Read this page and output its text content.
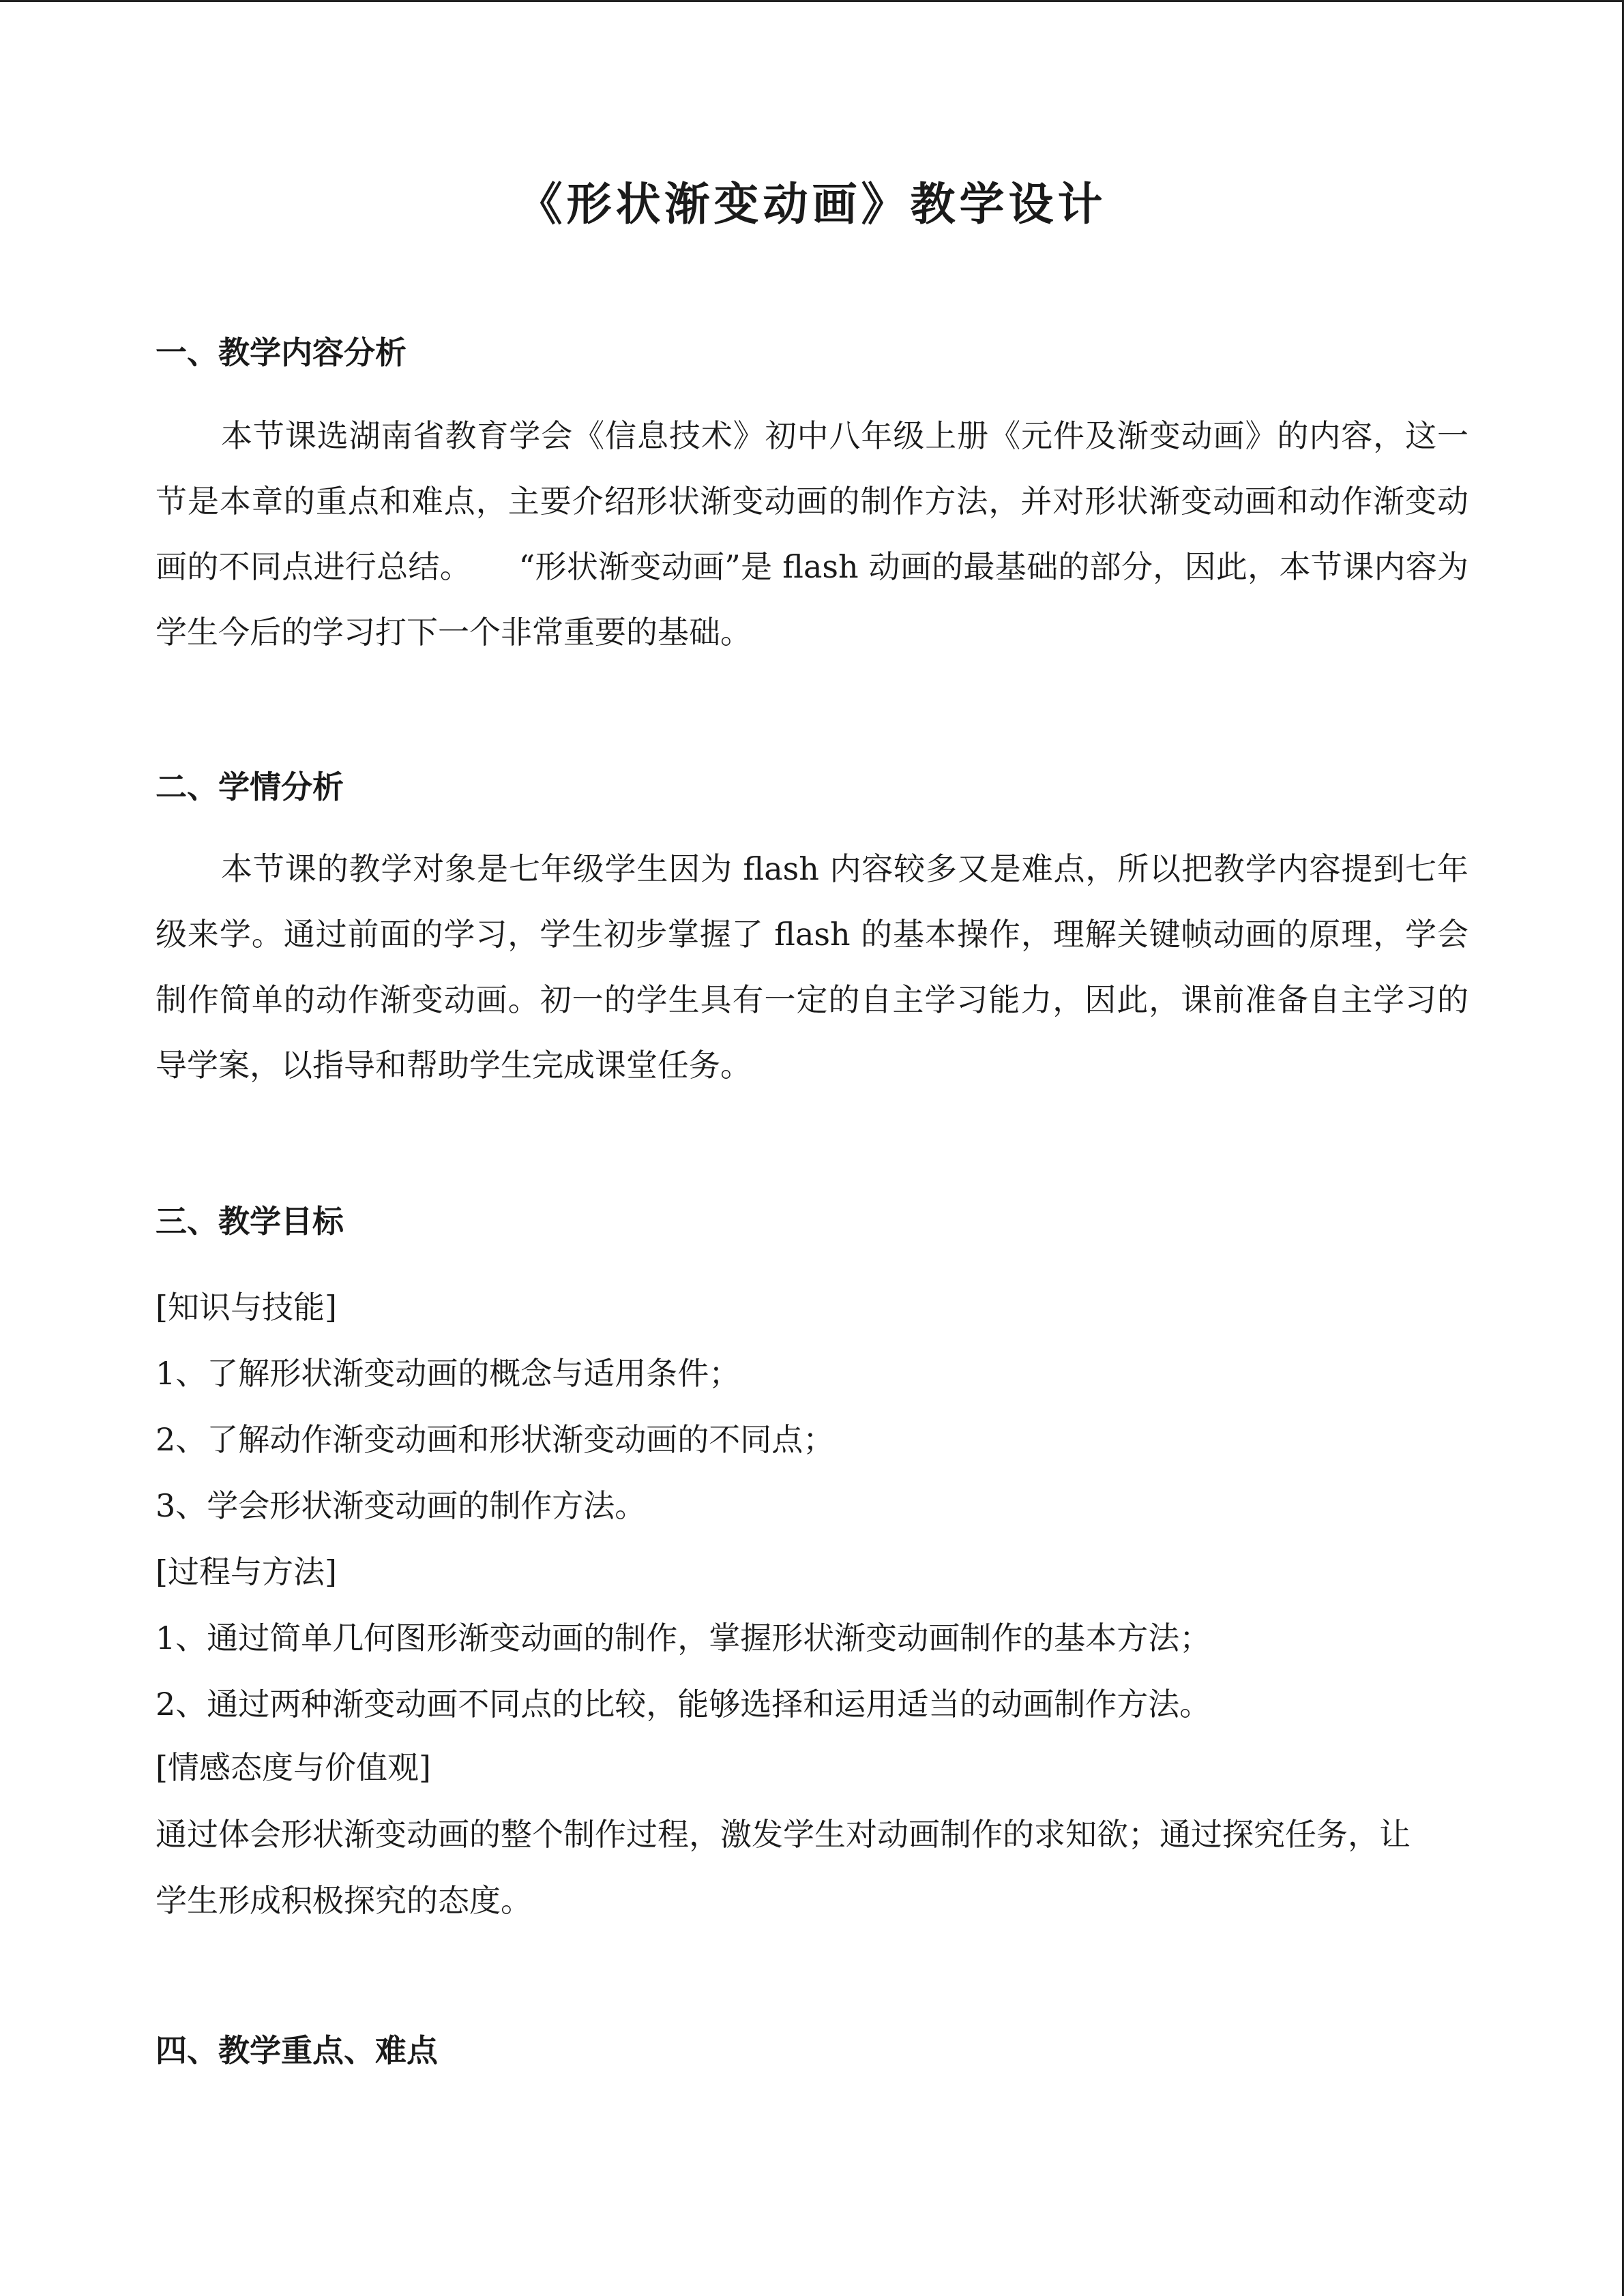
《形状渐变动画》教学设计
一、教学内容分析

本节课选湖南省教育学会《信息技术》初中八年级上册《元件及渐变动画》的内容，这一节是本章的重点和难点，主要介绍形状渐变动画的制作方法，并对形状渐变动画和动作渐变动画的不同点进行总结。　　“形状渐变动画”是 flash 动画的最基础的部分，因此，本节课内容为学生今后的学习打下一个非常重要的基础。

二、学情分析

本节课的教学对象是七年级学生因为 flash 内容较多又是难点，所以把教学内容提到七年级来学。通过前面的学习，学生初步掌握了 flash 的基本操作，理解关键帧动画的原理，学会制作简单的动作渐变动画。初一的学生具有一定的自主学习能力，因此，课前准备自主学习的导学案，以指导和帮助学生完成课堂任务。

三、教学目标
[知识与技能]
1、了解形状渐变动画的概念与适用条件；
2、了解动作渐变动画和形状渐变动画的不同点；
3、学会形状渐变动画的制作方法。
[过程与方法]
1、通过简单几何图形渐变动画的制作，掌握形状渐变动画制作的基本方法；
2、通过两种渐变动画不同点的比较，能够选择和运用适当的动画制作方法。
[情感态度与价值观]
通过体会形状渐变动画的整个制作过程，激发学生对动画制作的求知欲；通过探究任务，让
学生形成积极探究的态度。
四、教学重点、难点
